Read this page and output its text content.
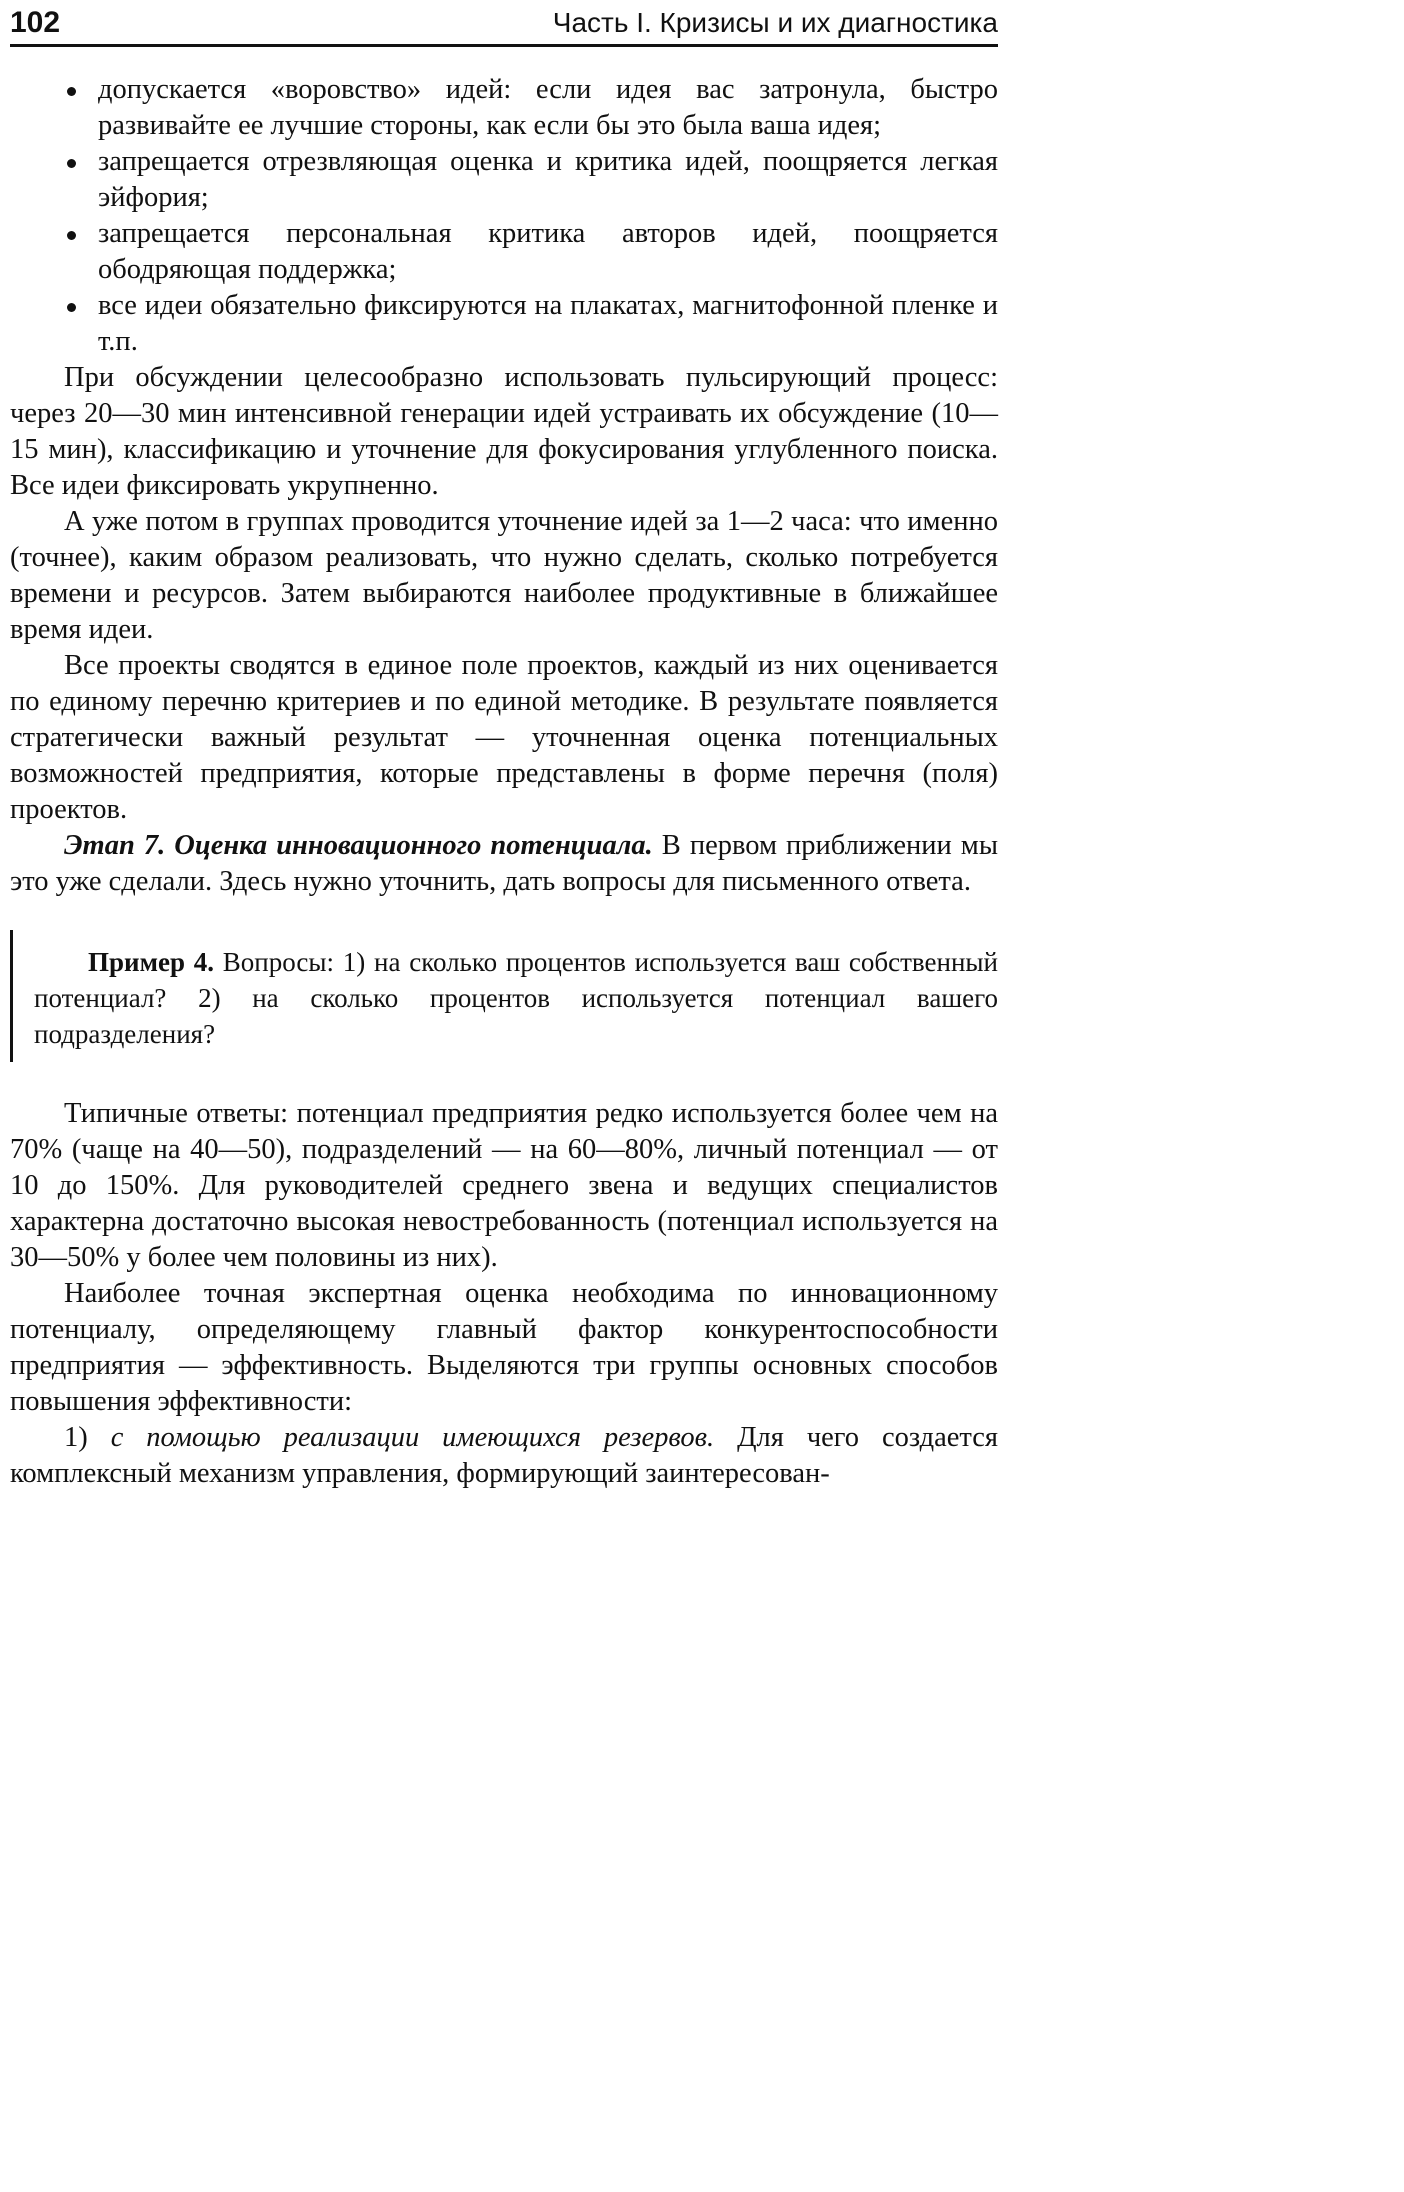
102	Часть I. Кризисы и их диагностика
допускается «воровство» идей: если идея вас затронула, быстро развивайте ее лучшие стороны, как если бы это была ваша идея;
запрещается отрезвляющая оценка и критика идей, поощряется легкая эйфория;
запрещается персональная критика авторов идей, поощряется ободряющая поддержка;
все идеи обязательно фиксируются на плакатах, магнитофонной пленке и т.п.

При обсуждении целесообразно использовать пульсирующий процесс: через 20—30 мин интенсивной генерации идей устраивать их обсуждение (10—15 мин), классификацию и уточнение для фокусирования углубленного поиска. Все идеи фиксировать укрупненно.

А уже потом в группах проводится уточнение идей за 1—2 часа: что именно (точнее), каким образом реализовать, что нужно сделать, сколько потребуется времени и ресурсов. Затем выбираются наиболее продуктивные в ближайшее время идеи.

Все проекты сводятся в единое поле проектов, каждый из них оценивается по единому перечню критериев и по единой методике. В результате появляется стратегически важный результат — уточненная оценка потенциальных возможностей предприятия, которые представлены в форме перечня (поля) проектов.

Этап 7. Оценка инновационного потенциала. В первом приближении мы это уже сделали. Здесь нужно уточнить, дать вопросы для письменного ответа.

Пример 4. Вопросы: 1) на сколько процентов используется ваш собственный потенциал? 2) на сколько процентов используется потенциал вашего подразделения?

Типичные ответы: потенциал предприятия редко используется более чем на 70% (чаще на 40—50), подразделений — на 60—80%, личный потенциал — от 10 до 150%. Для руководителей среднего звена и ведущих специалистов характерна достаточно высокая невостребованность (потенциал используется на 30—50% у более чем половины из них).

Наиболее точная экспертная оценка необходима по инновационному потенциалу, определяющему главный фактор конкурентоспособности предприятия — эффективность. Выделяются три группы основных способов повышения эффективности:

1) с помощью реализации имеющихся резервов. Для чего создается комплексный механизм управления, формирующий заинтересован-
